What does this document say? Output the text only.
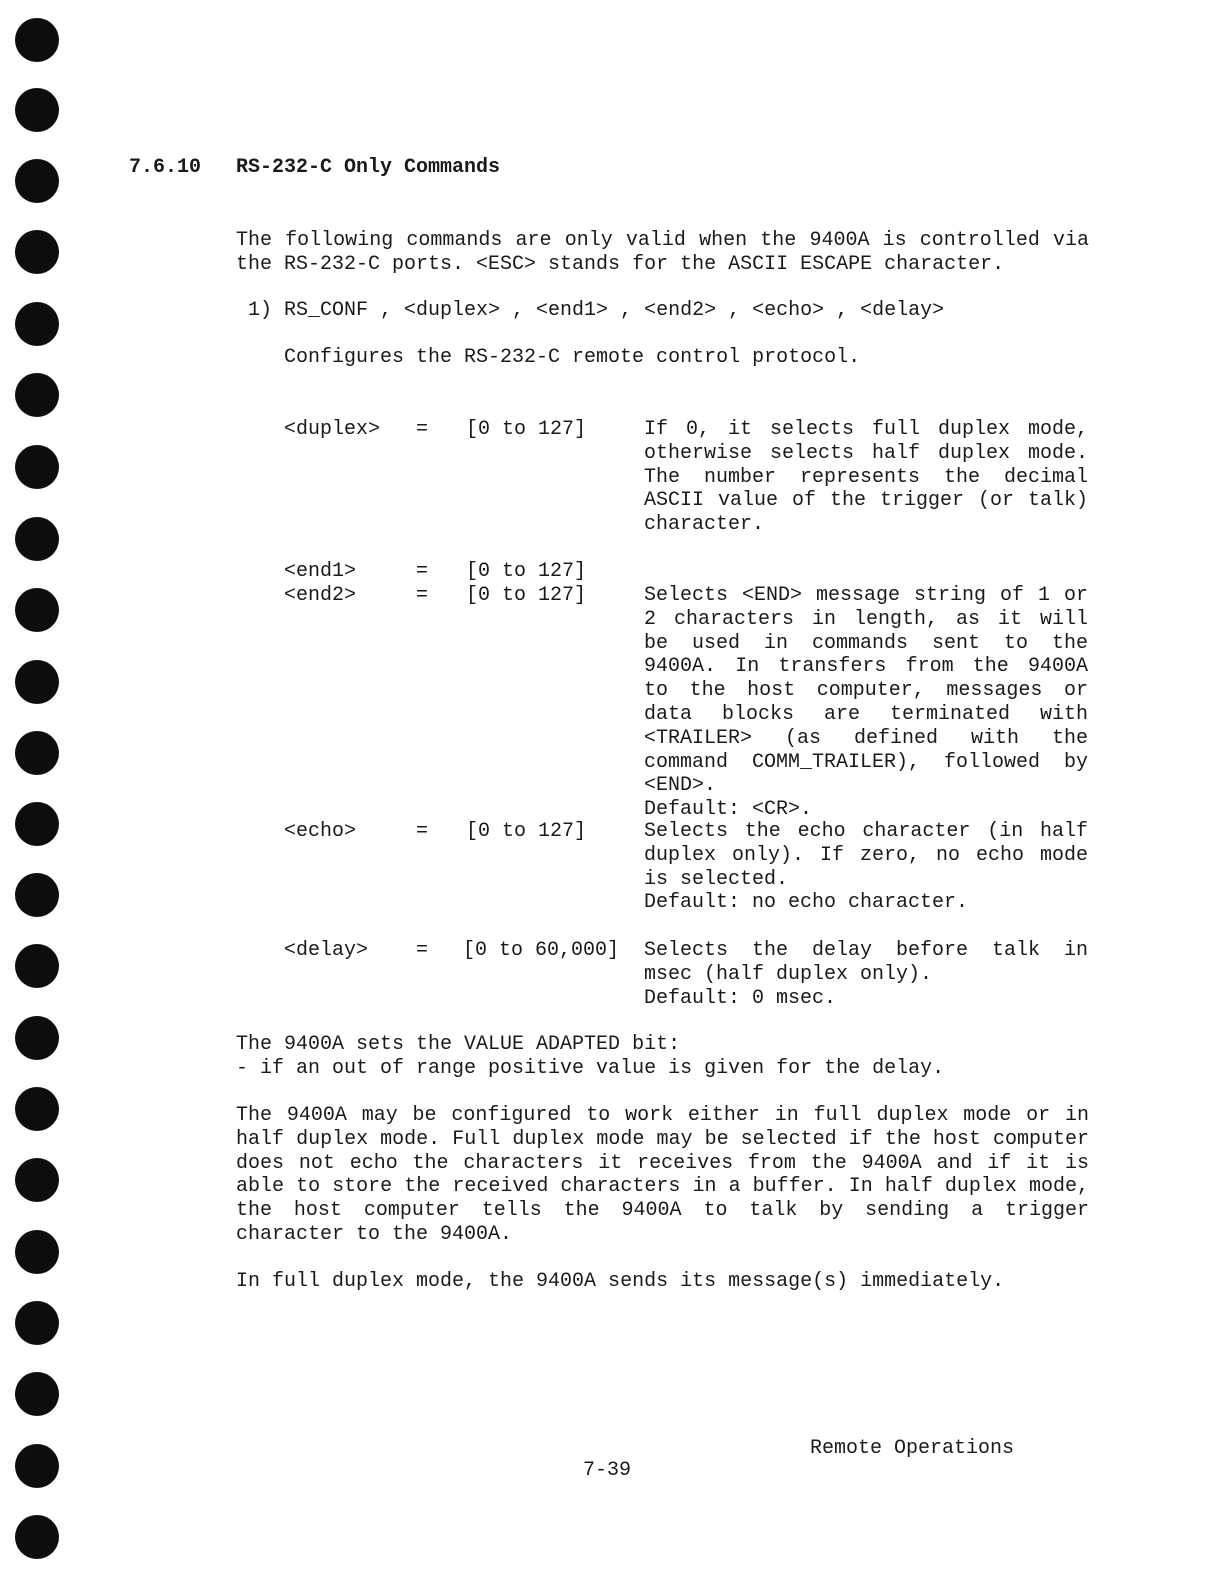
7.6.10 RS-232-C Only Commands
The following commands are only valid when the 9400A is controlled via the RS-232-C ports. <ESC> stands for the ASCII ESCAPE character.
1) RS_CONF , <duplex> , <end1> , <end2> , <echo> , <delay>
Configures the RS-232-C remote control protocol.
<duplex> = [0 to 127]	If 0, it selects full duplex mode, otherwise selects half duplex mode. The number represents the decimal ASCII value of the trigger (or talk) character.
<end1>	= [0 to 127]
<end2>	= [0 to 127]	Selects <END> message string of 1 or 2 characters in length, as it will be used in commands sent to the 9400A. In transfers from the 9400A to the host computer, messages or data blocks are terminated with <TRAILER> (as defined with the command COMM_TRAILER), followed by <END>.
Default: <CR>.
<echo>	= [0 to 127]	Selects the echo character (in half duplex only). If zero, no echo mode is selected.
Default: no echo character.
<delay> = [0 to 60,000] Selects the delay before talk in msec (half duplex only).
Default: 0 msec.
The 9400A sets the VALUE ADAPTED bit:
- if an out of range positive value is given for the delay.
The 9400A may be configured to work either in full duplex mode or in half duplex mode. Full duplex mode may be selected if the host computer does not echo the characters it receives from the 9400A and if it is able to store the received characters in a buffer. In half duplex mode, the host computer tells the 9400A to talk by sending a trigger character to the 9400A.
In full duplex mode, the 9400A sends its message(s) immediately.
Remote Operations
7-39
